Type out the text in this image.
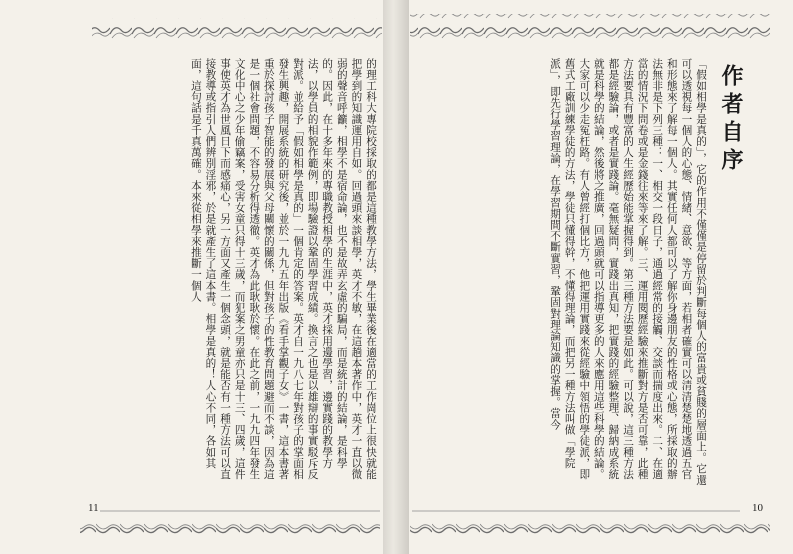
作者自序
「假如相學是真的」，它的作用不僅僅是停留於判斷每個人的富貴或貧賤的層面上。它還可以透視每一個人的心態、情緒、意欲、等方面，若相者確實可以清清楚楚地透過五官和形態來了解每一個人。其實任何人都可以了解你身邊朋友的性格或心態，所採取的辦法無非是下列三種：一、相交一段日子，通過經常的接觸、交談而揣度出來。二、在適當的情況下問卷或是金錢往來等來了解。三、運用閱歷經驗來推斷對方是否可靠，此種方法要具有豐富的人生經歷始能掌握得到。第三種方法要是如此。可以說，這三種方法都是經驗論，或者是實踐論。毫無疑問，實踐出真知，把實踐的經驗整理、歸納成系統就是科學的結論，然後將之推廣，回過頭就可以指導更多的人來應用這些科學的結論。大家可以少走冤枉路。有人曾經打個比方，他把運用實踐來從經驗中領悟的學徒派，即舊式工廠訓練學徒的方法，學徒只懂得幹，不懂得理論，而把另一種方法叫做「學院派」，即先行學習理論，在學習期間不斷實習，鞏固對理論知識的掌握。當今
10
的理工科大專院校採取的都是這種教學方法，學生畢業後在適當的工作崗位上很快就能把學到的知識運用自如。回過頭來談相學，英才不敏，在這趟本著作中，英才一直以微弱的聲音呼籲，相學不是宿命論，也不是故弄玄虛的騙局，而是統計的結論，是科學的。因此，在十多年來的專職教授相學的生涯中，英才採用邊學習，邊實踐的教學方法，以學員的相貌作範例，即場驗證以鞏固學習成績。換言之也是以雄辯的事實駁斥反對派。並給予「假如相學是真的」一個肯定的答案。英才自一九八七年對孩子的掌面相發生興趣，開展系統的研究後，並於一九九五年出版《看手掌觀子女》一書，這本書著重於探討孩子智能的發展與父母關懷的關係，但對孩子的性教育問題避而不談，因為這是一個社會問題，不容易分析得透徹。英才為此耿耿於懷。在此之前，一九九四年發生文化中心之少年偷竊案，受害女童只得十三歲，而犯案之男童亦只是十三、四歲，這件事使英才為世風日下而感痛心，另一方面又產生一個念頭，就是能否有一種方法可以直接教導或指引人們辨別淫邪，於是就產生了這本書。相學是真的！人心不同，各如其面，這句話是千真萬確。本來從相學來推斷一個人
11
